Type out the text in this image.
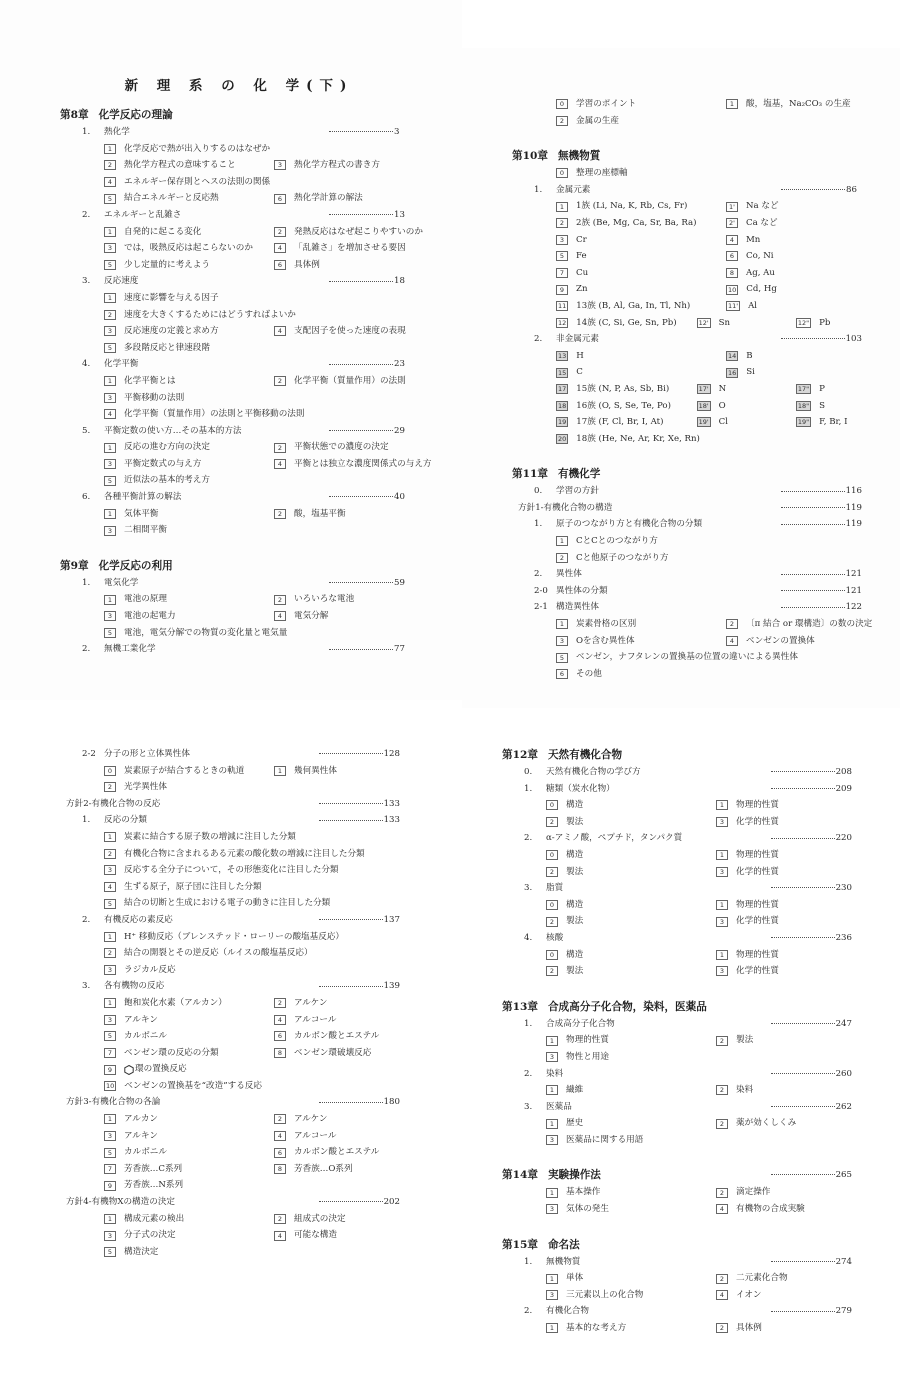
新 理 系 の 化 学(下)
第8章 化学反応の理論
1.	熱化学	3
1	化学反応で熱が出入りするのはなぜか
2	熱化学方程式の意味すること	3	熱化学方程式の書き方
4	エネルギー保存則とヘスの法則の関係
5	結合エネルギーと反応熱	6	熱化学計算の解法
2.	エネルギーと乱雑さ	13
1	自発的に起こる変化	2	発熱反応はなぜ起こりやすいのか
3	では，吸熱反応は起こらないのか	4	「乱雑さ」を増加させる要因
5	少し定量的に考えよう	6	具体例
3.	反応速度	18
1	速度に影響を与える因子
2	速度を大きくするためにはどうすればよいか
3	反応速度の定義と求め方	4	支配因子を使った速度の表現
5	多段階反応と律速段階
4.	化学平衡	23
1	化学平衡とは	2	化学平衡（質量作用）の法則
3	平衡移動の法則
4	化学平衡（質量作用）の法則と平衡移動の法則
5.	平衡定数の使い方…その基本的方法	29
1	反応の進む方向の決定	2	平衡状態での濃度の決定
3	平衡定数式の与え方	4	平衡とは独立な濃度関係式の与え方
5	近似法の基本的考え方
6.	各種平衡計算の解法	40
1	気体平衡	2	酸，塩基平衡
3	二相間平衡
第9章 化学反応の利用
1.	電気化学	59
1	電池の原理	2	いろいろな電池
3	電池の起電力	4	電気分解
5	電池，電気分解での物質の変化量と電気量
2.	無機工業化学	77
0	学習のポイント	1	酸，塩基，Na₂CO₃ の生産
2	金属の生産
第10章 無機物質
0	整理の座標軸
1.	金属元素	86
1	1族 (Li, Na, K, Rb, Cs, Fr)	1'	Na など
2	2族 (Be, Mg, Ca, Sr, Ba, Ra)	2'	Ca など
3	Cr	4	Mn
5	Fe	6	Co, Ni
7	Cu	8	Ag, Au
9	Zn	10 Cd, Hg
11 13族 (B, Al, Ga, In, Tl, Nh)	11' Al
12 14族 (C, Si, Ge, Sn, Pb)	12' Sn	12" Pb
2.	非金属元素	103
13 H	14 B
15 C	16 Si
17 15族 (N, P, As, Sb, Bi)	17' N	17" P
18 16族 (O, S, Se, Te, Po)	18' O	18" S
19 17族 (F, Cl, Br, I, At)	19' Cl	19" F, Br, I
20 18族 (He, Ne, Ar, Kr, Xe, Rn)
第11章 有機化学
0.	学習の方針	116
方針1-有機化合物の構造	119
1.	原子のつながり方と有機化合物の分類	119
1	CとCとのつながり方
2	Cと他原子のつながり方
2.	異性体	121
2-0 異性体の分類	121
2-1 構造異性体	122
1	炭素骨格の区別	2	〔π 結合 or 環構造〕の数の決定
3	Oを含む異性体	4	ベンゼンの置換体
5	ベンゼン，ナフタレンの置換基の位置の違いによる異性体
6	その他
2-2 分子の形と立体異性体	128
0	炭素原子が結合するときの軌道	1	幾何異性体
2	光学異性体
方針2-有機化合物の反応	133
1.	反応の分類	133
1	炭素に結合する原子数の増減に注目した分類
2	有機化合物に含まれるある元素の酸化数の増減に注目した分類
3	反応する全分子について，その形態変化に注目した分類
4	生ずる原子，原子団に注目した分類
5	結合の切断と生成における電子の動きに注目した分類
2.	有機反応の素反応	137
1	H⁺ 移動反応（ブレンステッド・ローリーの酸塩基反応）
2	結合の開裂とその逆反応（ルイスの酸塩基反応）
3	ラジカル反応
3.	各有機物の反応	139
1	飽和炭化水素（アルカン）	2	アルケン
3	アルキン	4	アルコール
5	カルボニル	6	カルボン酸とエステル
7	ベンゼン環の反応の分類	8	ベンゼン環破壊反応
9	環の置換反応
10 ベンゼンの置換基を“改造”する反応
方針3-有機化合物の各論	180
1	アルカン	2	アルケン
3	アルキン	4	アルコール
5	カルボニル	6	カルボン酸とエステル
7	芳香族…C系列	8	芳香族…O系列
9	芳香族…N系列
方針4-有機物Xの構造の決定	202
1	構成元素の検出	2	組成式の決定
3	分子式の決定	4	可能な構造
5	構造決定
第12章 天然有機化合物
0.	天然有機化合物の学び方	208
1.	糖類（炭水化物）	209
0	構造	1	物理的性質
2	製法	3	化学的性質
2.	α-アミノ酸，ペプチド，タンパク質	220
0	構造	1	物理的性質
2	製法	3	化学的性質
3.	脂質	230
0	構造	1	物理的性質
2	製法	3	化学的性質
4.	核酸	236
0	構造	1	物理的性質
2	製法	3	化学的性質
第13章 合成高分子化合物，染料，医薬品
1.	合成高分子化合物	247
1	物理的性質	2	製法
3	物性と用途
2.	染料	260
1	繊維	2	染料
3.	医薬品	262
1	歴史	2	薬が効くしくみ
3	医薬品に関する用語
第14章 実験操作法	265
1	基本操作	2	滴定操作
3	気体の発生	4	有機物の合成実験
第15章 命名法
1.	無機物質	274
1	単体	2	二元素化合物
3	三元素以上の化合物	4	イオン
2.	有機化合物	279
1	基本的な考え方	2	具体例
